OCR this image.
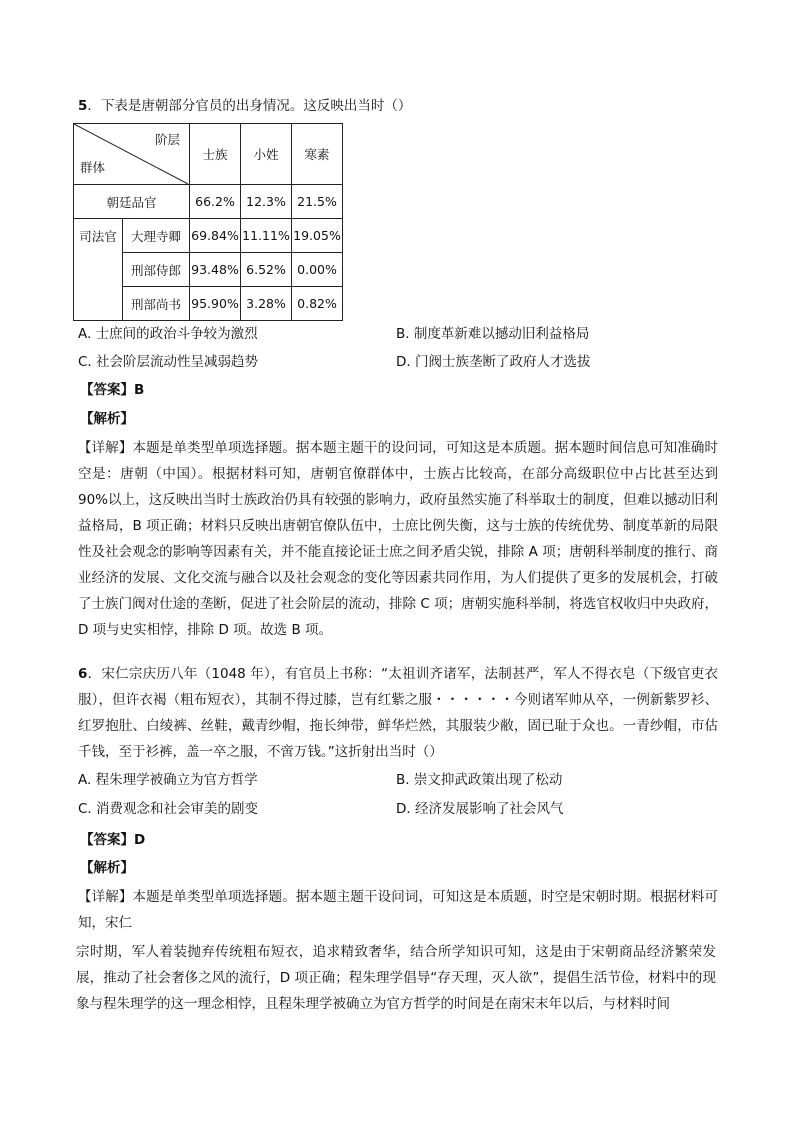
5．下表是唐朝部分官员的出身情况。这反映出当时（）
阶层
群体		士族	小姓	寒素
朝廷品官		66.2%	12.3%	21.5%
司法官	大理寺卿	69.84%	11.11%	19.05%
	刑部侍郎	93.48%	6.52%	0.00%
	刑部尚书	95.90%	3.28%	0.82%
A. 士庶间的政治斗争较为激烈	B. 制度革新难以撼动旧利益格局
C. 社会阶层流动性呈减弱趋势	D. 门阀士族垄断了政府人才选拔
【答案】B
【解析】
【详解】本题是单类型单项选择题。据本题主题干的设问词，可知这是本质题。据本题时间信息可知准确时空是：唐朝（中国）。根据材料可知，唐朝官僚群体中，士族占比较高，在部分高级职位中占比甚至达到 90%以上，这反映出当时士族政治仍具有较强的影响力，政府虽然实施了科举取士的制度，但难以撼动旧利益格局，B 项正确；材料只反映出唐朝官僚队伍中，士庶比例失衡，这与士族的传统优势、制度革新的局限性及社会观念的影响等因素有关，并不能直接论证士庶之间矛盾尖锐，排除 A 项；唐朝科举制度的推行、商业经济的发展、文化交流与融合以及社会观念的变化等因素共同作用，为人们提供了更多的发展机会，打破了士族门阀对仕途的垄断，促进了社会阶层的流动，排除 C 项；唐朝实施科举制，将选官权收归中央政府，D 项与史实相悖，排除 D 项。故选 B 项。
6．宋仁宗庆历八年（1048 年），有官员上书称：“太祖训齐诸军，法制甚严，军人不得衣皂（下级官吏衣服），但许衣褐（粗布短衣），其制不得过膝，岂有红紫之服・・・・・・今则诸军帅从卒，一例新紫罗衫、红罗抱肚、白绫裤、丝鞋，戴青纱帽，拖长绅带，鲜华烂然，其服装少敝，固已耻于众也。一青纱帽，市估千钱，至于衫裤，盖一卒之服，不啻万钱。”这折射出当时（）
A. 程朱理学被确立为官方哲学	B. 崇文抑武政策出现了松动
C. 消费观念和社会审美的剧变	D. 经济发展影响了社会风气
【答案】D
【解析】
【详解】本题是单类型单项选择题。据本题主题干设问词，可知这是本质题，时空是宋朝时期。根据材料可知，宋仁
宗时期，军人着装抛弃传统粗布短衣，追求精致奢华，结合所学知识可知，这是由于宋朝商品经济繁荣发展，推动了社会奢侈之风的流行，D 项正确；程朱理学倡导“存天理，灭人欲”，提倡生活节俭，材料中的现象与程朱理学的这一理念相悖，且程朱理学被确立为官方哲学的时间是在南宋末年以后，与材料时间
